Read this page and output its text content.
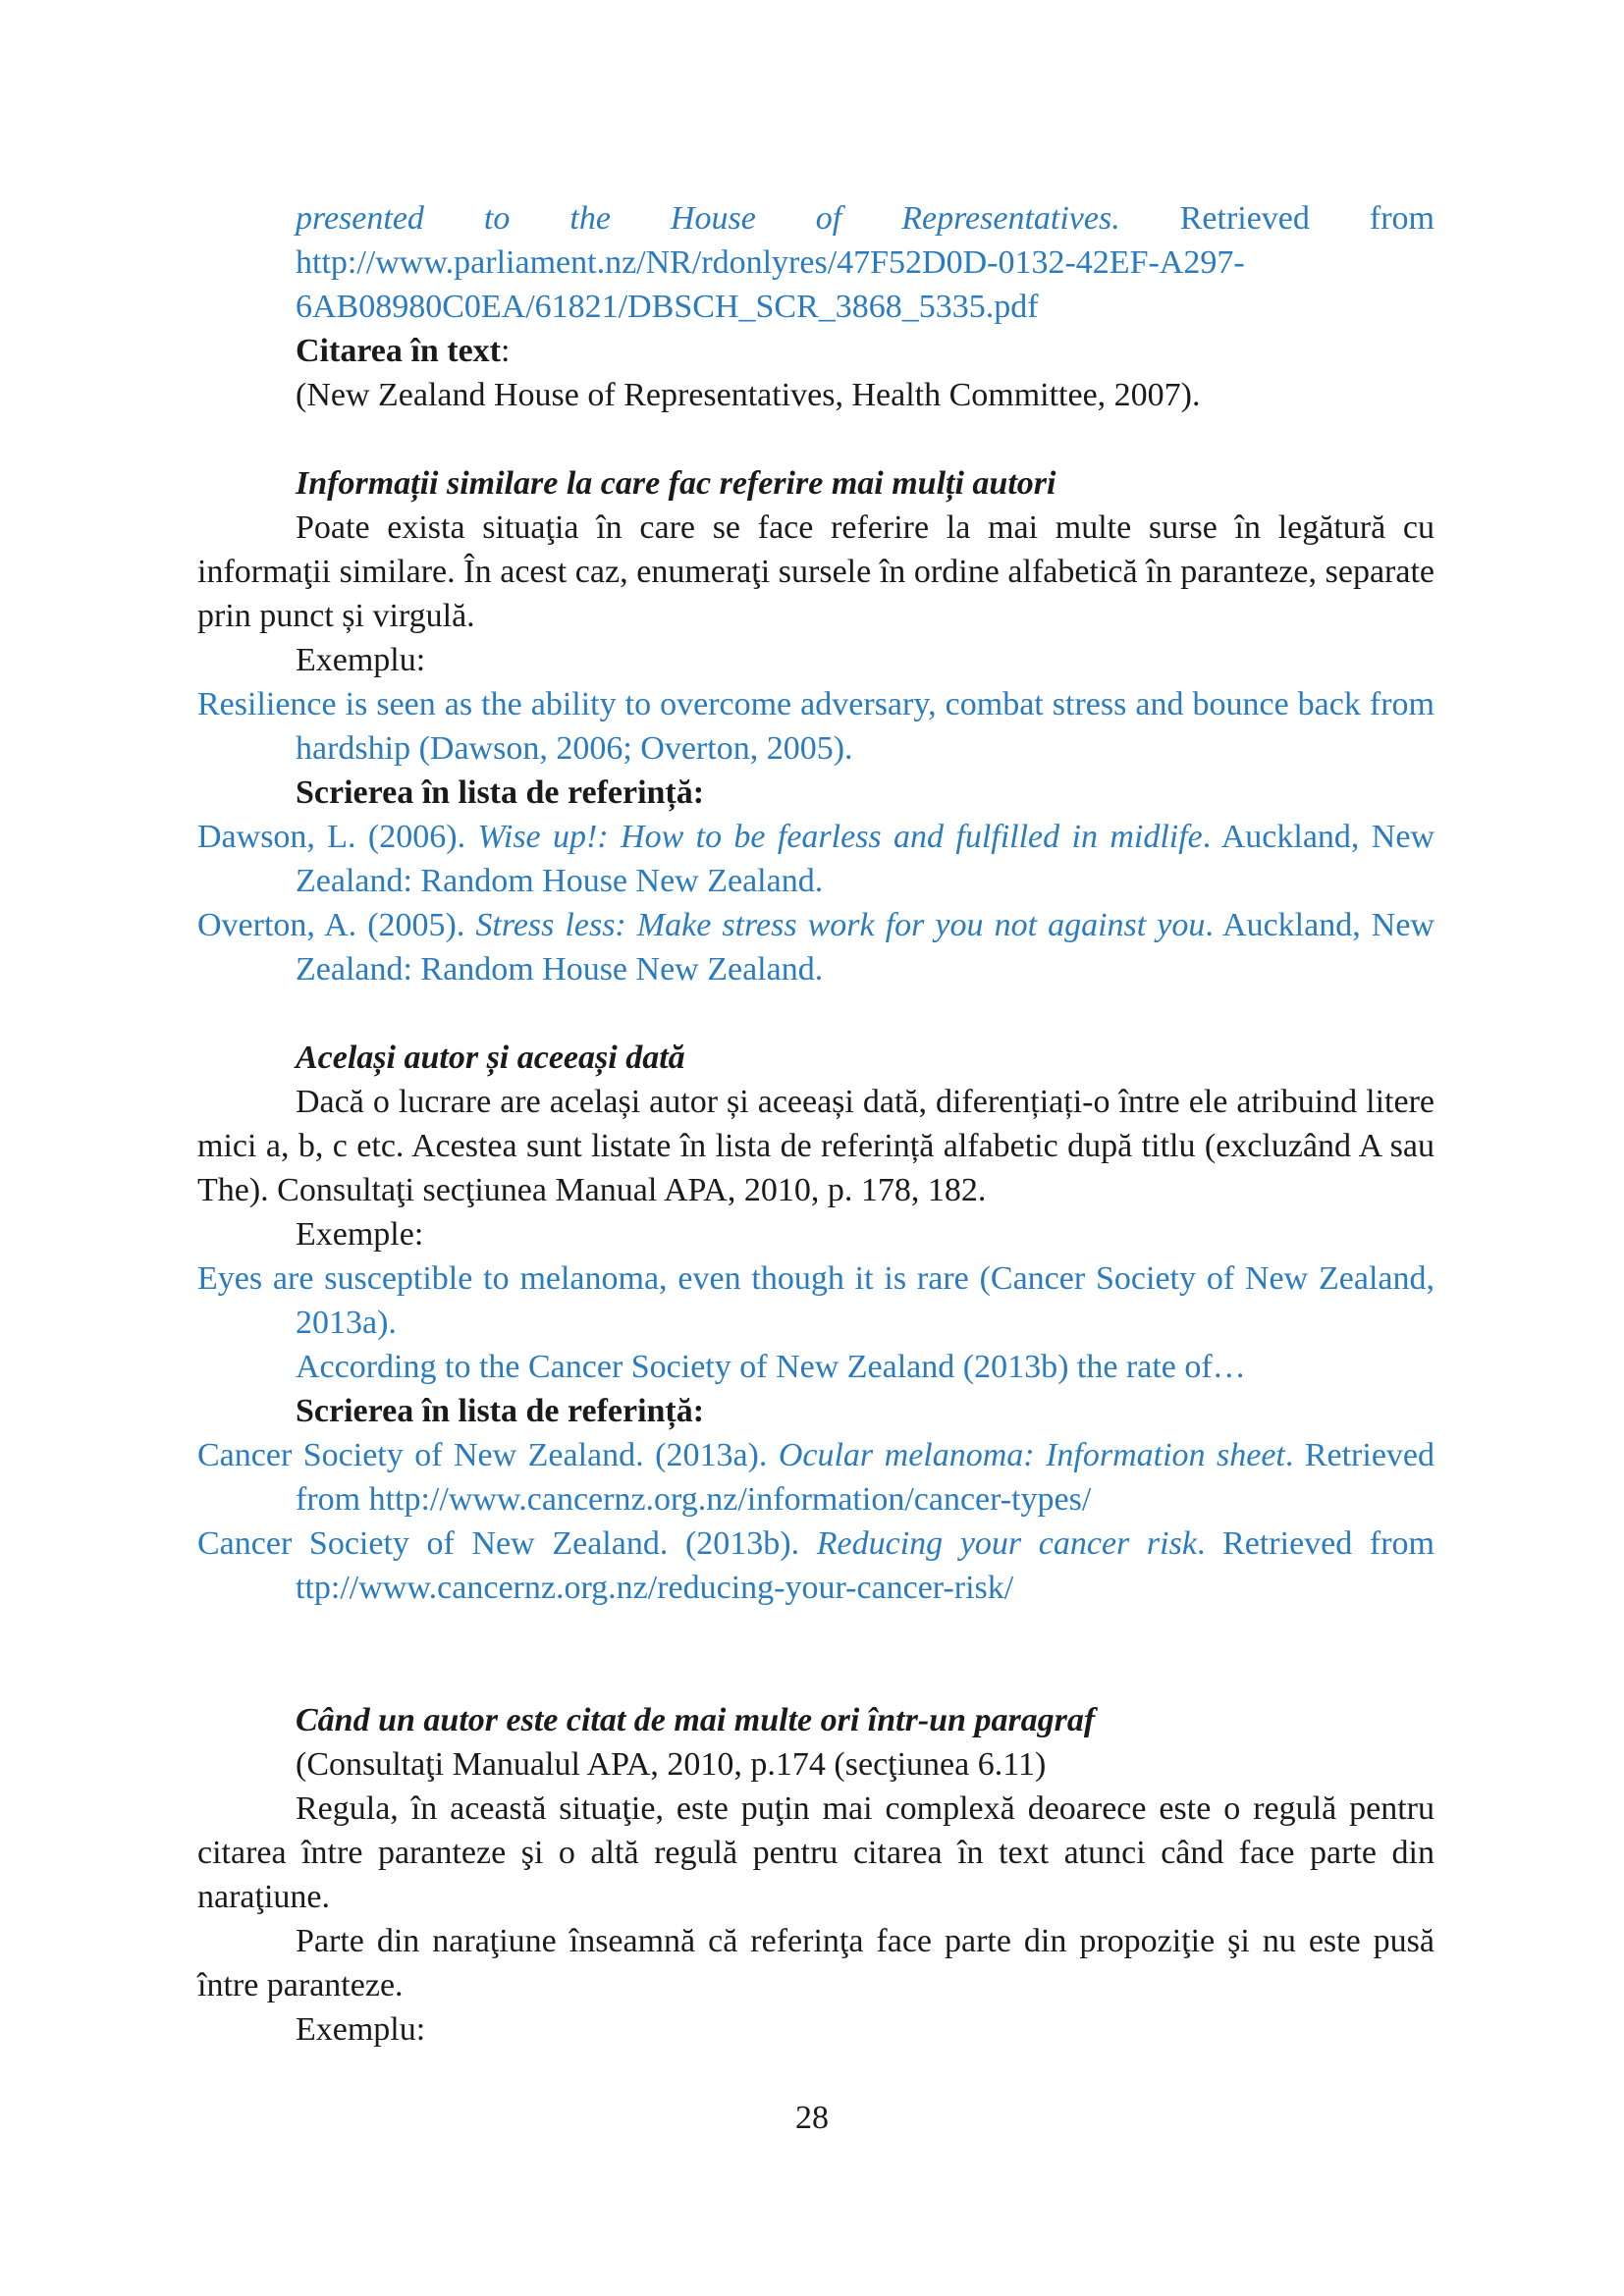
presented to the House of Representatives. Retrieved from

http://www.parliament.nz/NR/rdonlyres/47F52D0D-0132-42EF-A297-
6AB08980C0EA/61821/DBSCH_SCR_3868_5335.pdf
Citarea în text:
(New Zealand House of Representatives, Health Committee, 2007).
Informații similare la care fac referire mai mulți autori

Poate exista situaţia în care se face referire la mai multe surse în legătură cu informaţii similare. În acest caz, enumeraţi sursele în ordine alfabetică în paranteze, separate prin punct și virgulă.

Exemplu:

Resilience is seen as the ability to overcome adversary, combat stress and bounce back from hardship (Dawson, 2006; Overton, 2005).

Scrierea în lista de referință:

Dawson, L. (2006). Wise up!: How to be fearless and fulfilled in midlife. Auckland, New Zealand: Random House New Zealand.

Overton, A. (2005). Stress less: Make stress work for you not against you. Auckland, New Zealand: Random House New Zealand.

Același autor și aceeași dată

Dacă o lucrare are același autor și aceeași dată, diferențiați-o între ele atribuind litere mici a, b, c etc. Acestea sunt listate în lista de referință alfabetic după titlu (excluzând A sau The). Consultaţi secţiunea Manual APA, 2010, p. 178, 182.

Exemple:

Eyes are susceptible to melanoma, even though it is rare (Cancer Society of New Zealand, 2013a).

According to the Cancer Society of New Zealand (2013b) the rate of…
Scrierea în lista de referință:

Cancer Society of New Zealand. (2013a). Ocular melanoma: Information sheet. Retrieved from http://www.cancernz.org.nz/information/cancer-types/

Cancer Society of New Zealand. (2013b). Reducing your cancer risk. Retrieved from ttp://www.cancernz.org.nz/reducing-your-cancer-risk/

Când un autor este citat de mai multe ori într-un paragraf
(Consultaţi Manualul APA, 2010, p.174 (secţiunea 6.11)

Regula, în această situaţie, este puţin mai complexă deoarece este o regulă pentru citarea între paranteze şi o altă regulă pentru citarea în text atunci când face parte din naraţiune.

Parte din naraţiune înseamnă că referinţa face parte din propoziţie şi nu este pusă între paranteze.

Exemplu:
28
